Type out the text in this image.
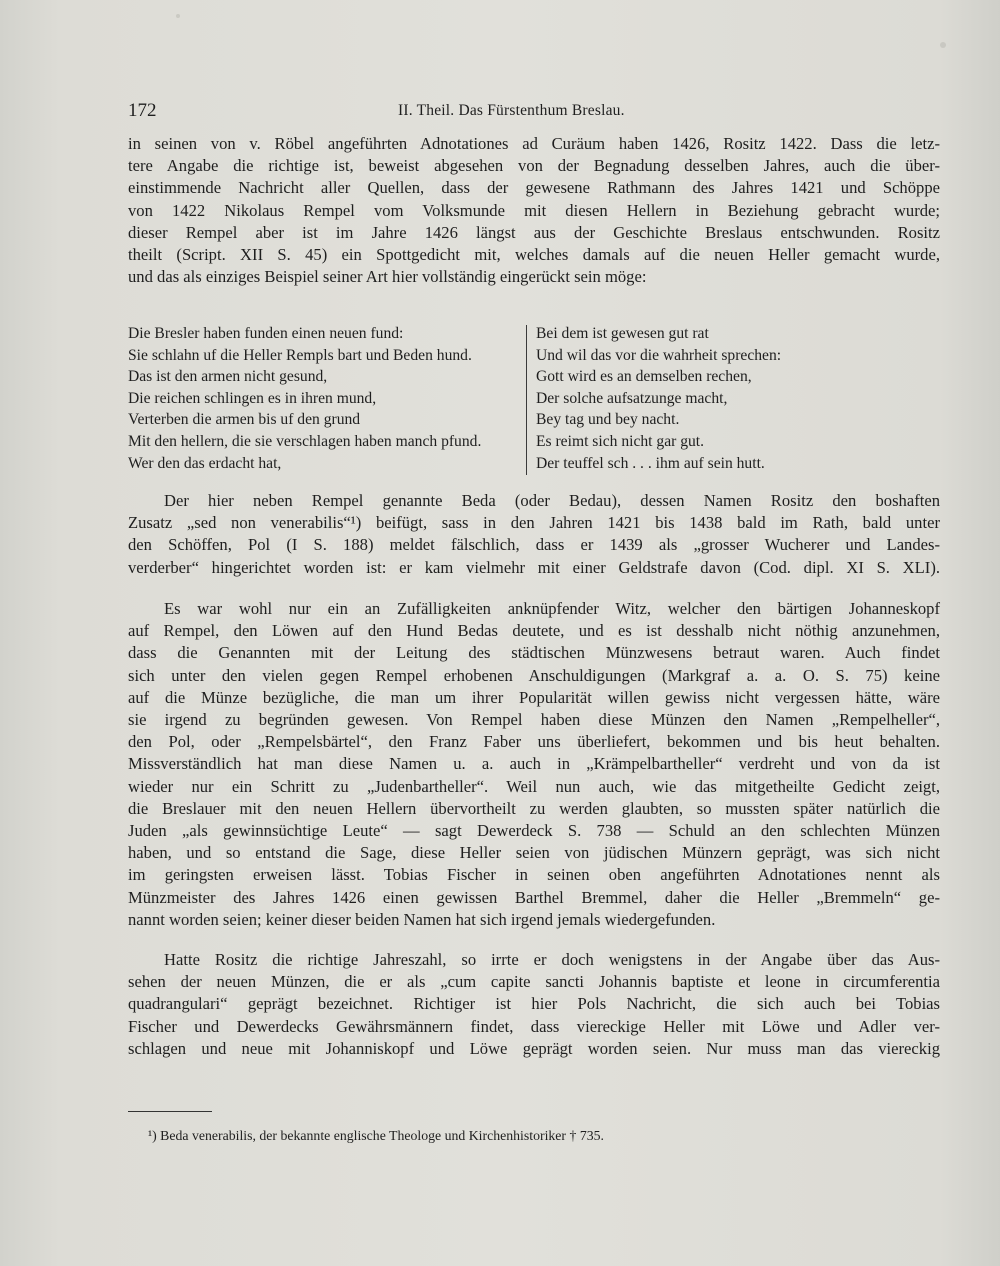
172	II. Theil. Das Fürstenthum Breslau.

in seinen von v. Röbel angeführten Adnotationes ad Curäum haben 1426, Rositz 1422. Dass die letz-
tere Angabe die richtige ist, beweist abgesehen von der Begnadung desselben Jahres, auch die über-
einstimmende Nachricht aller Quellen, dass der gewesene Rathmann des Jahres 1421 und Schöppe
von 1422 Nikolaus Rempel vom Volksmunde mit diesen Hellern in Beziehung gebracht wurde;
dieser Rempel aber ist im Jahre 1426 längst aus der Geschichte Breslaus entschwunden. Rositz
theilt (Script. XII S. 45) ein Spottgedicht mit, welches damals auf die neuen Heller gemacht wurde,
und das als einziges Beispiel seiner Art hier vollständig eingerückt sein möge:

Die Bresler haben funden einen neuen fund:
Sie schlahn uf die Heller Rempls bart und Beden hund.
Das ist den armen nicht gesund,
Die reichen schlingen es in ihren mund,
Verterben die armen bis uf den grund
Mit den hellern, die sie verschlagen haben manch pfund.
Wer den das erdacht hat,
Bei dem ist gewesen gut rat
Und wil das vor die wahrheit sprechen:
Gott wird es an demselben rechen,
Der solche aufsatzunge macht,
Bey tag und bey nacht.
Es reimt sich nicht gar gut.
Der teuffel sch . . . ihm auf sein hutt.

Der hier neben Rempel genannte Beda (oder Bedau), dessen Namen Rositz den boshaften
Zusatz „sed non venerabilis“¹) beifügt, sass in den Jahren 1421 bis 1438 bald im Rath, bald unter
den Schöffen, Pol (I S. 188) meldet fälschlich, dass er 1439 als „grosser Wucherer und Landes-
verderber“ hingerichtet worden ist: er kam vielmehr mit einer Geldstrafe davon (Cod. dipl. XI S. XLI).

Es war wohl nur ein an Zufälligkeiten anknüpfender Witz, welcher den bärtigen Johanneskopf
auf Rempel, den Löwen auf den Hund Bedas deutete, und es ist desshalb nicht nöthig anzunehmen,
dass die Genannten mit der Leitung des städtischen Münzwesens betraut waren. Auch findet
sich unter den vielen gegen Rempel erhobenen Anschuldigungen (Markgraf a. a. O. S. 75) keine
auf die Münze bezügliche, die man um ihrer Popularität willen gewiss nicht vergessen hätte, wäre
sie irgend zu begründen gewesen. Von Rempel haben diese Münzen den Namen „Rempelheller“,
den Pol, oder „Rempelsbärtel“, den Franz Faber uns überliefert, bekommen und bis heut behalten.
Missverständlich hat man diese Namen u. a. auch in „Krämpelbartheller“ verdreht und von da ist
wieder nur ein Schritt zu „Judenbartheller“. Weil nun auch, wie das mitgetheilte Gedicht zeigt,
die Breslauer mit den neuen Hellern übervortheilt zu werden glaubten, so mussten später natürlich die
Juden „als gewinnsüchtige Leute“ — sagt Dewerdeck S. 738 — Schuld an den schlechten Münzen
haben, und so entstand die Sage, diese Heller seien von jüdischen Münzern geprägt, was sich nicht
im geringsten erweisen lässt. Tobias Fischer in seinen oben angeführten Adnotationes nennt als
Münzmeister des Jahres 1426 einen gewissen Barthel Bremmel, daher die Heller „Bremmeln“ ge-
nannt worden seien; keiner dieser beiden Namen hat sich irgend jemals wiedergefunden.

Hatte Rositz die richtige Jahreszahl, so irrte er doch wenigstens in der Angabe über das Aus-
sehen der neuen Münzen, die er als „cum capite sancti Johannis baptiste et leone in circumferentia
quadrangulari“ geprägt bezeichnet. Richtiger ist hier Pols Nachricht, die sich auch bei Tobias
Fischer und Dewerdecks Gewährsmännern findet, dass viereckige Heller mit Löwe und Adler ver-
schlagen und neue mit Johanniskopf und Löwe geprägt worden seien. Nur muss man das viereckig

¹) Beda venerabilis, der bekannte englische Theologe und Kirchenhistoriker † 735.
